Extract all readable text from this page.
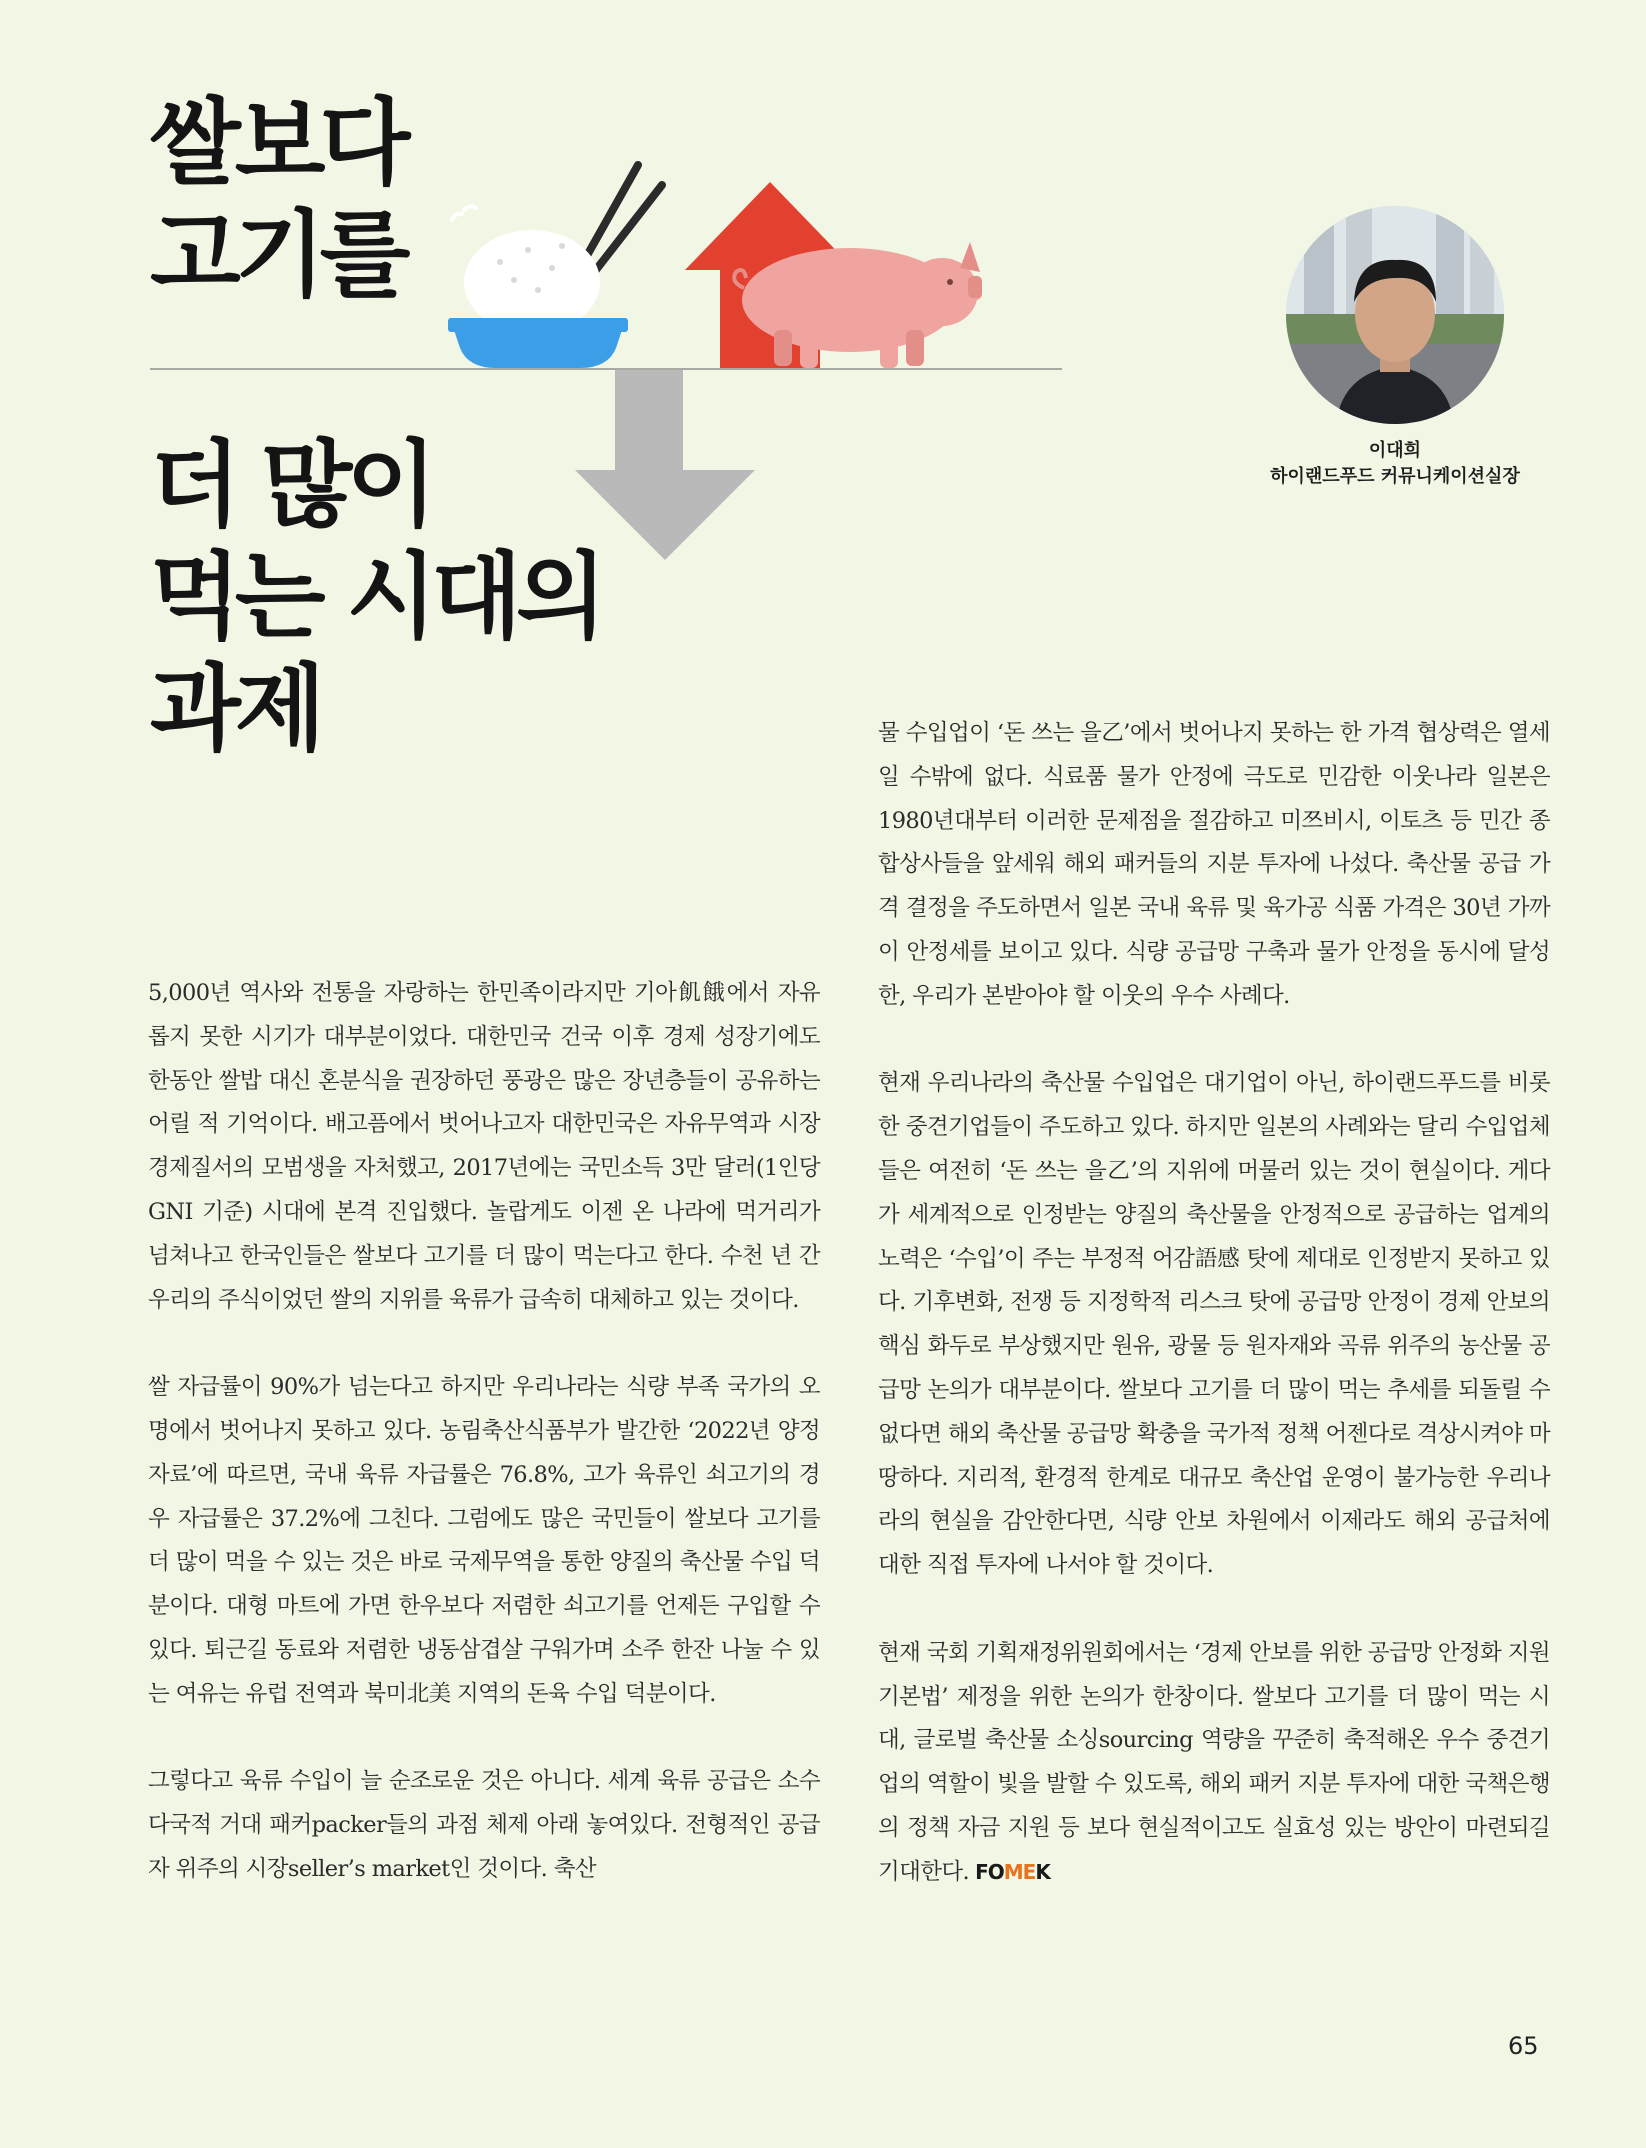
쌀보다
고기를
더 많이
먹는 시대의
과제
이대희
하이랜드푸드 커뮤니케이션실장

5,000년 역사와 전통을 자랑하는 한민족이라지만 기아飢餓에서 자유롭지 못한 시기가 대부분이었다. 대한민국 건국 이후 경제 성장기에도 한동안 쌀밥 대신 혼분식을 권장하던 풍광은 많은 장년층들이 공유하는 어릴 적 기억이다. 배고픔에서 벗어나고자 대한민국은 자유무역과 시장경제질서의 모범생을 자처했고, 2017년에는 국민소득 3만 달러(1인당 GNI 기준) 시대에 본격 진입했다. 놀랍게도 이젠 온 나라에 먹거리가 넘쳐나고 한국인들은 쌀보다 고기를 더 많이 먹는다고 한다. 수천 년 간 우리의 주식이었던 쌀의 지위를 육류가 급속히 대체하고 있는 것이다.

쌀 자급률이 90%가 넘는다고 하지만 우리나라는 식량 부족 국가의 오명에서 벗어나지 못하고 있다. 농림축산식품부가 발간한 ‘2022년 양정자료’에 따르면, 국내 육류 자급률은 76.8%, 고가 육류인 쇠고기의 경우 자급률은 37.2%에 그친다. 그럼에도 많은 국민들이 쌀보다 고기를 더 많이 먹을 수 있는 것은 바로 국제무역을 통한 양질의 축산물 수입 덕분이다. 대형 마트에 가면 한우보다 저렴한 쇠고기를 언제든 구입할 수 있다. 퇴근길 동료와 저렴한 냉동삼겹살 구워가며 소주 한잔 나눌 수 있는 여유는 유럽 전역과 북미北美 지역의 돈육 수입 덕분이다.

그렇다고 육류 수입이 늘 순조로운 것은 아니다. 세계 육류 공급은 소수 다국적 거대 패커packer들의 과점 체제 아래 놓여있다. 전형적인 공급자 위주의 시장seller’s market인 것이다. 축산

물 수입업이 ‘돈 쓰는 을乙’에서 벗어나지 못하는 한 가격 협상력은 열세일 수밖에 없다. 식료품 물가 안정에 극도로 민감한 이웃나라 일본은 1980년대부터 이러한 문제점을 절감하고 미쯔비시, 이토츠 등 민간 종합상사들을 앞세워 해외 패커들의 지분 투자에 나섰다. 축산물 공급 가격 결정을 주도하면서 일본 국내 육류 및 육가공 식품 가격은 30년 가까이 안정세를 보이고 있다. 식량 공급망 구축과 물가 안정을 동시에 달성한, 우리가 본받아야 할 이웃의 우수 사례다.

현재 우리나라의 축산물 수입업은 대기업이 아닌, 하이랜드푸드를 비롯한 중견기업들이 주도하고 있다. 하지만 일본의 사례와는 달리 수입업체들은 여전히 ‘돈 쓰는 을乙’의 지위에 머물러 있는 것이 현실이다. 게다가 세계적으로 인정받는 양질의 축산물을 안정적으로 공급하는 업계의 노력은 ‘수입’이 주는 부정적 어감語感 탓에 제대로 인정받지 못하고 있다. 기후변화, 전쟁 등 지정학적 리스크 탓에 공급망 안정이 경제 안보의 핵심 화두로 부상했지만 원유, 광물 등 원자재와 곡류 위주의 농산물 공급망 논의가 대부분이다. 쌀보다 고기를 더 많이 먹는 추세를 되돌릴 수 없다면 해외 축산물 공급망 확충을 국가적 정책 어젠다로 격상시켜야 마땅하다. 지리적, 환경적 한계로 대규모 축산업 운영이 불가능한 우리나라의 현실을 감안한다면, 식량 안보 차원에서 이제라도 해외 공급처에 대한 직접 투자에 나서야 할 것이다.

현재 국회 기획재정위원회에서는 ‘경제 안보를 위한 공급망 안정화 지원 기본법’ 제정을 위한 논의가 한창이다. 쌀보다 고기를 더 많이 먹는 시대, 글로벌 축산물 소싱sourcing 역량을 꾸준히 축적해온 우수 중견기업의 역할이 빛을 발할 수 있도록, 해외 패커 지분 투자에 대한 국책은행의 정책 자금 지원 등 보다 현실적이고도 실효성 있는 방안이 마련되길 기대한다. FOMEK

65
